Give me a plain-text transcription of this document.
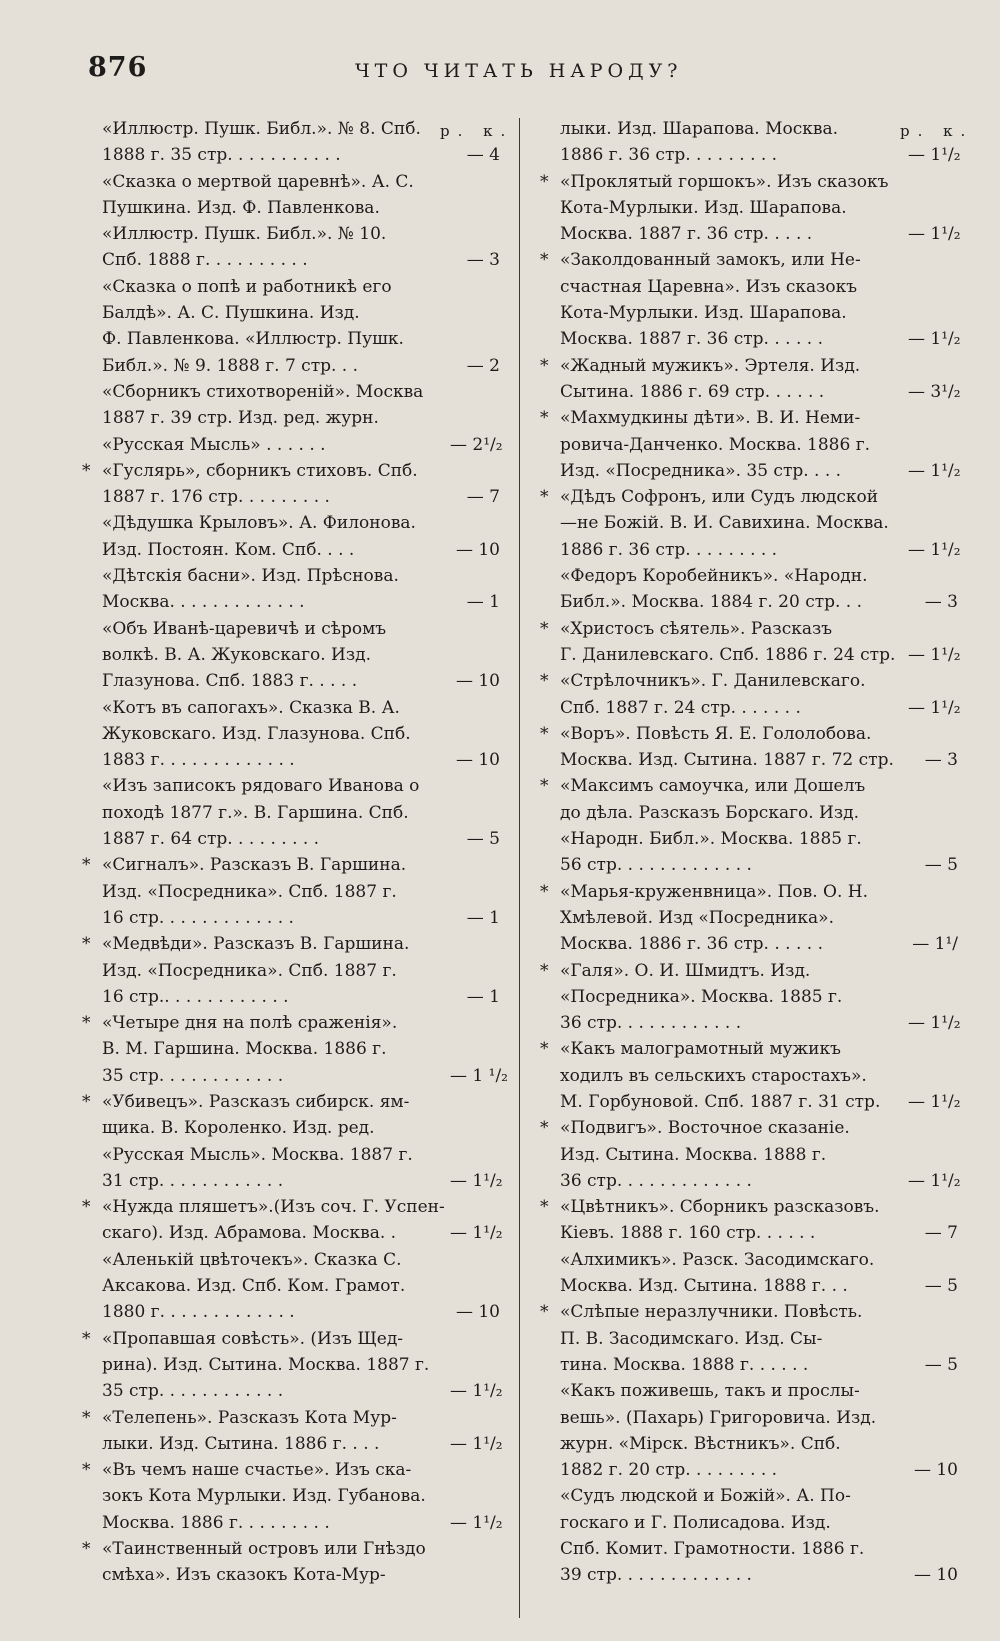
876	ЧТО ЧИТАТЬ НАРОДУ?
р. к.	р. к.
«Иллюстр. Пушк. Библ.». № 8. Спб.
1888 г. 35 стр. . . . . . . . . . .	— 4
«Сказка о мертвой царевнѣ». А. С.
Пушкина. Изд. Ф. Павленкова.
«Иллюстр. Пушк. Библ.». № 10.
Спб. 1888 г. . . . . . . . . .	— 3
«Сказка о попѣ и работникѣ его
Балдѣ». А. С. Пушкина. Изд.
Ф. Павленкова. «Иллюстр. Пушк.
Библ.». № 9. 1888 г. 7 стр. . .	— 2
«Сборникъ стихотвореній». Москва
1887 г. 39 стр. Изд. ред. журн.
«Русская Мысль» . . . . . .	— 2¹/₂
* «Гуслярь», сборникъ стиховъ. Спб.
1887 г. 176 стр. . . . . . . . .	— 7
«Дѣдушка Крыловъ». А. Филонова.
Изд. Постоян. Ком. Спб. . . .	— 10
«Дѣтскія басни». Изд. Прѣснова.
Москва. . . . . . . . . . . . .	— 1
«Объ Иванѣ-царевичѣ и сѣромъ
волкѣ. В. А. Жуковскаго. Изд.
Глазунова. Спб. 1883 г. . . . .	— 10
«Котъ въ сапогахъ». Сказка В. А.
Жуковскаго. Изд. Глазунова. Спб.
1883 г. . . . . . . . . . . . .	— 10
«Изъ записокъ рядоваго Иванова о
походѣ 1877 г.». В. Гаршина. Спб.
1887 г. 64 стр. . . . . . . . .	— 5
* «Сигналъ». Разсказъ В. Гаршина.
Изд. «Посредника». Спб. 1887 г.
16 стр. . . . . . . . . . . . .	— 1
* «Медвѣди». Разсказъ В. Гаршина.
Изд. «Посредника». Спб. 1887 г.
16 стр.. . . . . . . . . . . .	— 1
* «Четыре дня на полѣ сраженія».
В. М. Гаршина. Москва. 1886 г.
35 стр. . . . . . . . . . . .	— 1 ¹/₂
* «Убивецъ». Разсказъ сибирск. ям-
щика. В. Короленко. Изд. ред.
«Русская Мысль». Москва. 1887 г.
31 стр. . . . . . . . . . . .	— 1¹/₂
* «Нужда пляшетъ».(Изъ соч. Г. Успен-
скаго). Изд. Абрамова. Москва. .	— 1¹/₂
«Аленькій цвѣточекъ». Сказка С.
Аксакова. Изд. Спб. Ком. Грамот.
1880 г. . . . . . . . . . . . .	— 10
* «Пропавшая совѣсть». (Изъ Щед-
рина). Изд. Сытина. Москва. 1887 г.
35 стр. . . . . . . . . . . .	— 1¹/₂
* «Телепень». Разсказъ Кота Мур-
лыки. Изд. Сытина. 1886 г. . . .	— 1¹/₂
* «Въ чемъ наше счастье». Изъ ска-
зокъ Кота Мурлыки. Изд. Губанова.
Москва. 1886 г. . . . . . . . .	— 1¹/₂
* «Таинственный островъ или Гнѣздо
смѣха». Изъ сказокъ Кота-Мур-
лыки. Изд. Шарапова. Москва.
1886 г. 36 стр. . . . . . . . .	— 1¹/₂
* «Проклятый горшокъ». Изъ сказокъ
Кота-Мурлыки. Изд. Шарапова.
Москва. 1887 г. 36 стр. . . . .	— 1¹/₂
* «Заколдованный замокъ, или Не-
счастная Царевна». Изъ сказокъ
Кота-Мурлыки. Изд. Шарапова.
Москва. 1887 г. 36 стр. . . . . .	— 1¹/₂
* «Жадный мужикъ». Эртеля. Изд.
Сытина. 1886 г. 69 стр. . . . . .	— 3¹/₂
* «Махмудкины дѣти». В. И. Неми-
ровича-Данченко. Москва. 1886 г.
Изд. «Посредника». 35 стр. . . .	— 1¹/₂
* «Дѣдъ Софронъ, или Судъ людской
—не Божій. В. И. Савихина. Москва.
1886 г. 36 стр. . . . . . . . .	— 1¹/₂
«Федоръ Коробейникъ». «Народн.
Библ.». Москва. 1884 г. 20 стр. . .	— 3
* «Христосъ сѣятель». Разсказъ
Г. Данилевскаго. Спб. 1886 г. 24 стр. — 1¹/₂
* «Стрѣлочникъ». Г. Данилевскаго.
Спб. 1887 г. 24 стр. . . . . . .	— 1¹/₂
* «Воръ». Повѣсть Я. Е. Гололобова.
Москва. Изд. Сытина. 1887 г. 72 стр.	— 3
* «Максимъ самоучка, или Дошелъ
до дѣла. Разсказъ Борскаго. Изд.
«Народн. Библ.». Москва. 1885 г.
56 стр. . . . . . . . . . . . .	— 5
* «Марья-круженвница». Пов. О. Н.
Хмѣлевой. Изд «Посредника».
Москва. 1886 г. 36 стр. . . . . .	— 1¹/
* «Галя». О. И. Шмидтъ. Изд.
«Посредника». Москва. 1885 г.
36 стр. . . . . . . . . . . .	— 1¹/₂
* «Какъ малограмотный мужикъ
ходилъ въ сельскихъ старостахъ».
М. Горбуновой. Спб. 1887 г. 31 стр.	— 1¹/₂
* «Подвигъ». Восточное сказаніе.
Изд. Сытина. Москва. 1888 г.
36 стр. . . . . . . . . . . . .	— 1¹/₂
* «Цвѣтникъ». Сборникъ разсказовъ.
Кіевъ. 1888 г. 160 стр. . . . . .	— 7
«Алхимикъ». Разск. Засодимскаго.
Москва. Изд. Сытина. 1888 г. . .	— 5
* «Слѣпые неразлучники. Повѣсть.
П. В. Засодимскаго. Изд. Сы-
тина. Москва. 1888 г. . . . . .	— 5
«Какъ поживешь, такъ и прослы-
вешь». (Пахарь) Григоровича. Изд.
журн. «Мірск. Вѣстникъ». Спб.
1882 г. 20 стр. . . . . . . . .	— 10
«Судъ людской и Божій». А. По-
госкаго и Г. Полисадова. Изд.
Спб. Комит. Грамотности. 1886 г.
39 стр. . . . . . . . . . . . .	— 10
